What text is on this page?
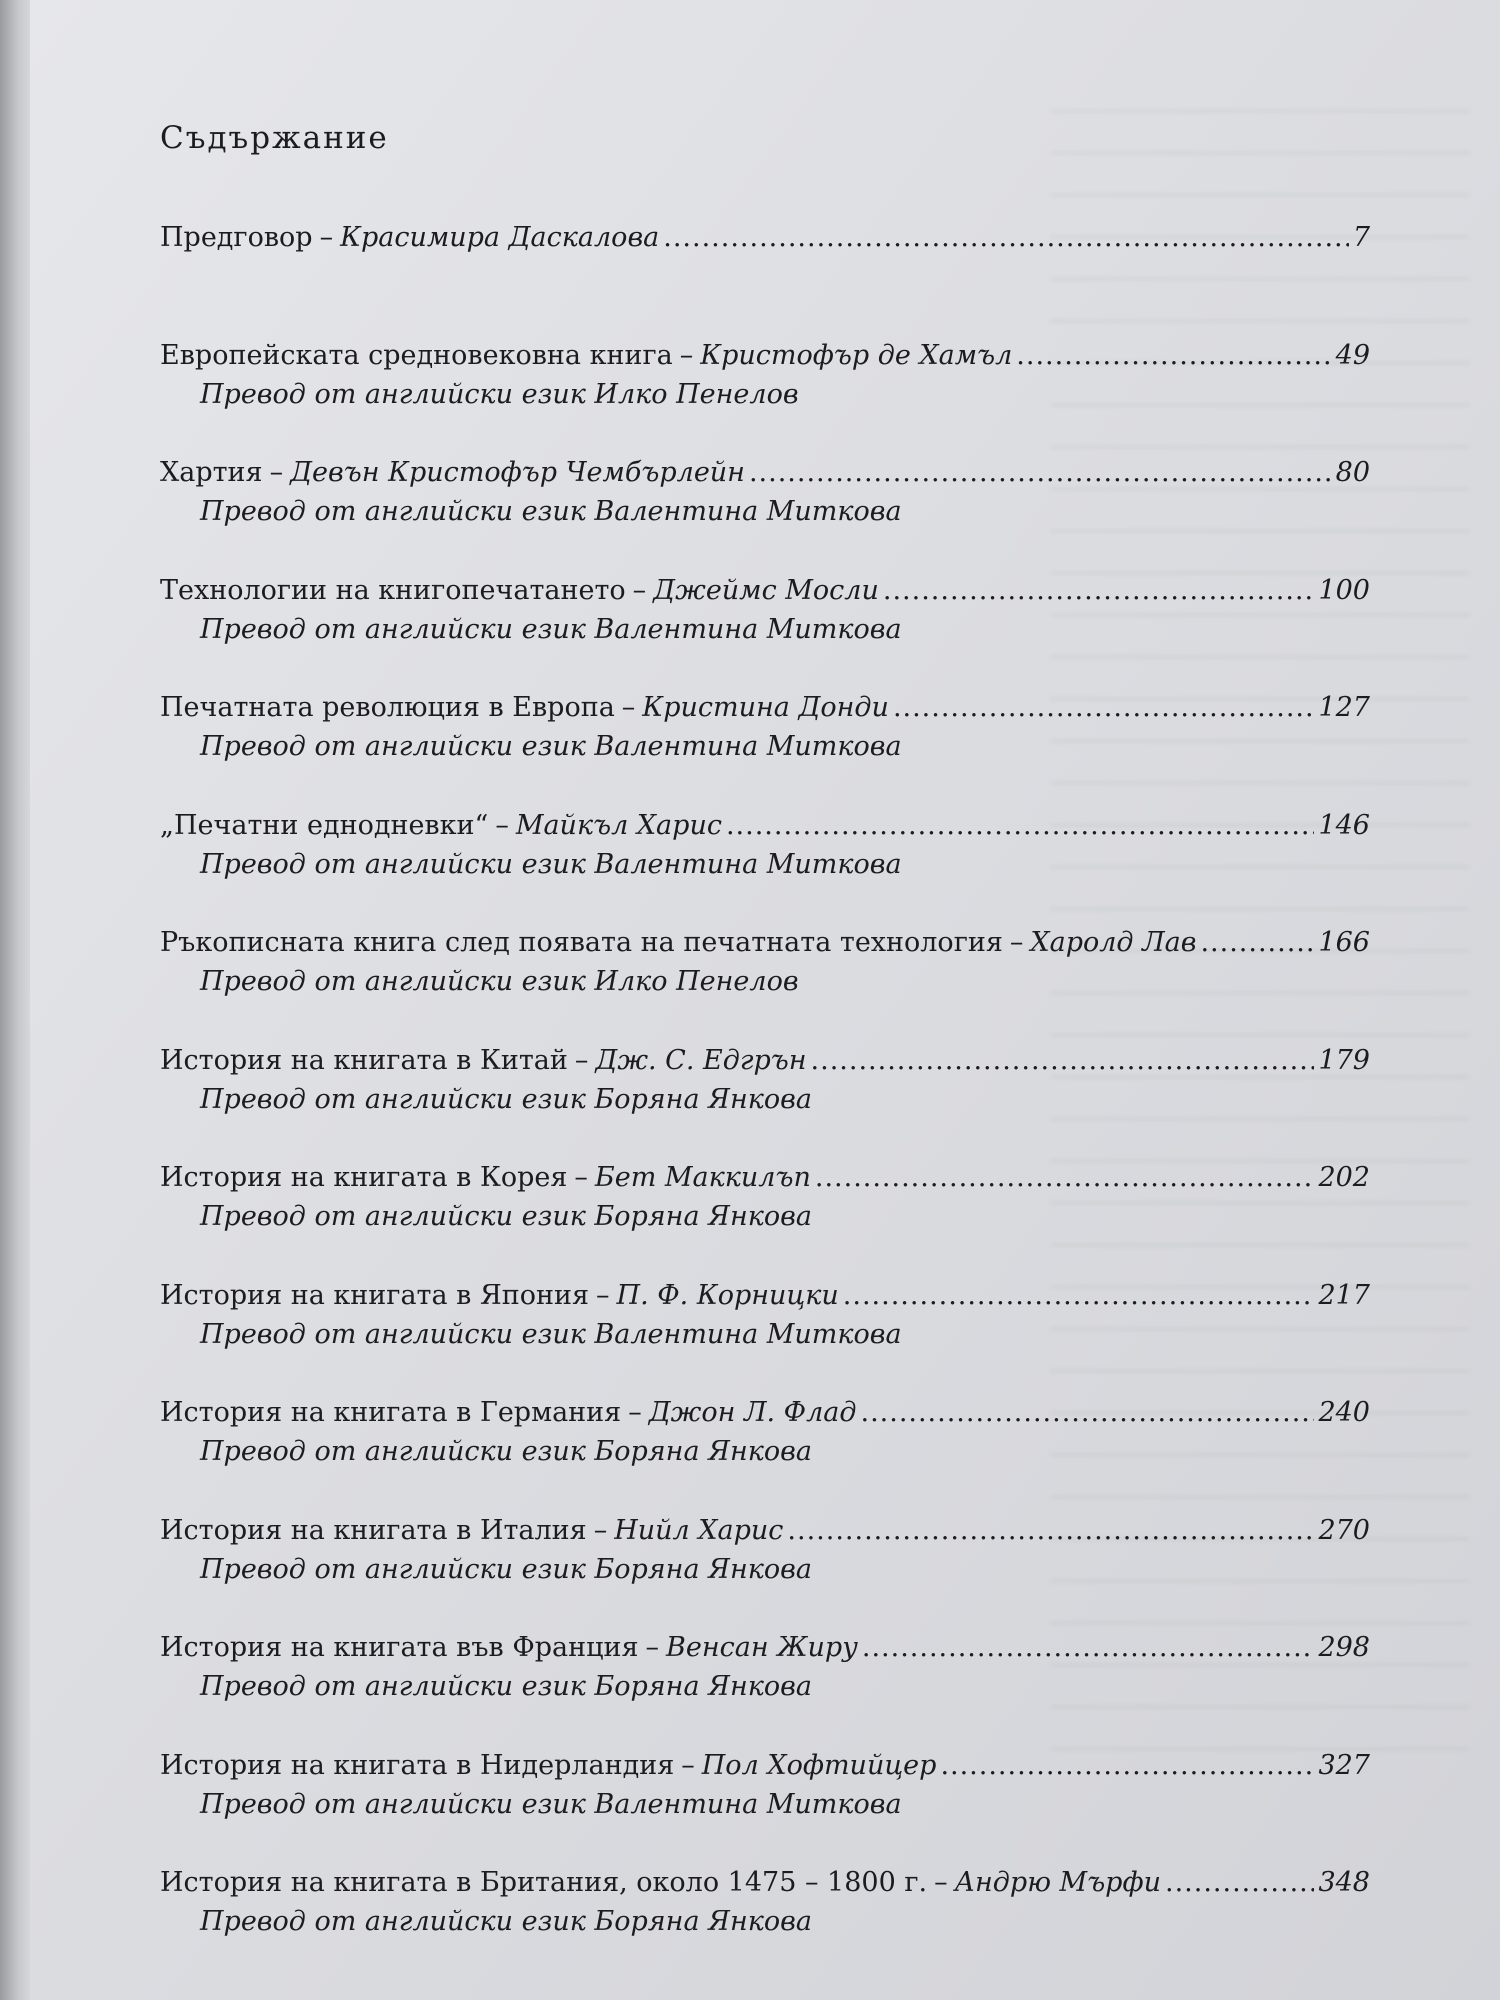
Съдържание
Предговор – Красимира Даскалова .....	7
Европейската средновековна книга – Кристофър де Хамъл .....	49
Превод от английски език Илко Пенелов
Хартия – Девън Кристофър Чембърлейн .....	80
Превод от английски език Валентина Миткова
Технологии на книгопечатането – Джеймс Мосли .....	100
Превод от английски език Валентина Миткова
Печатната революция в Европа – Кристина Донди .....	127
Превод от английски език Валентина Миткова
„Печатни еднодневки“ – Майкъл Харис .....	146
Превод от английски език Валентина Миткова
Ръкописната книга след появата на печатната технология – Харолд Лав .....	166
Превод от английски език Илко Пенелов
История на книгата в Китай – Дж. С. Едгрън .....	179
Превод от английски език Боряна Янкова
История на книгата в Корея – Бет Маккилъп .....	202
Превод от английски език Боряна Янкова
История на книгата в Япония – П. Ф. Корницки .....	217
Превод от английски език Валентина Миткова
История на книгата в Германия – Джон Л. Флад .....	240
Превод от английски език Боряна Янкова
История на книгата в Италия – Нийл Харис .....	270
Превод от английски език Боряна Янкова
История на книгата във Франция – Венсан Жиру .....	298
Превод от английски език Боряна Янкова
История на книгата в Нидерландия – Пол Хофтийцер .....	327
Превод от английски език Валентина Миткова
История на книгата в Британия, около 1475 – 1800 г. – Андрю Мърфи .....	348
Превод от английски език Боряна Янкова
